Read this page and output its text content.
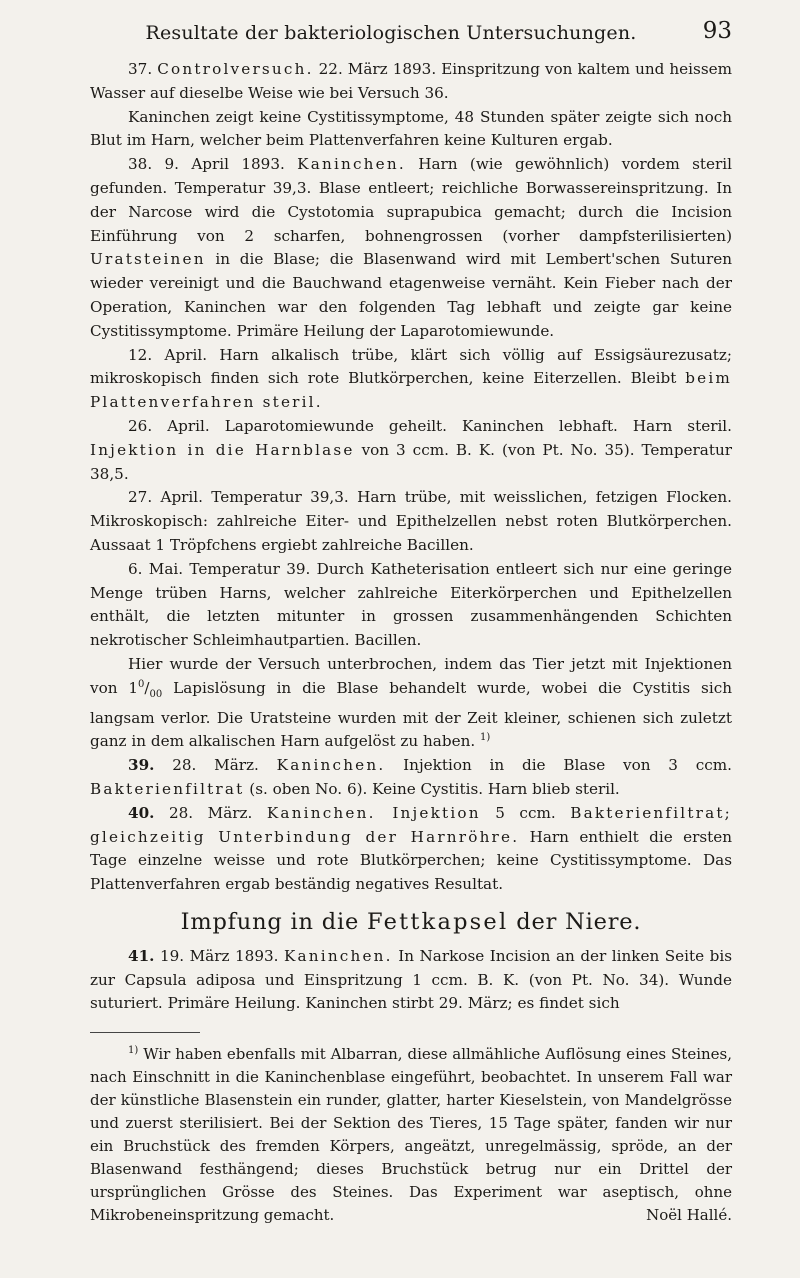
Resultate der bakteriologischen Untersuchungen.	93

37. Controlversuch. 22. März 1893. Einspritzung von kaltem und heissem Wasser auf dieselbe Weise wie bei Versuch 36.

Kaninchen zeigt keine Cystitissymptome, 48 Stunden später zeigte sich noch Blut im Harn, welcher beim Plattenverfahren keine Kulturen ergab.

38. 9. April 1893. Kaninchen. Harn (wie gewöhnlich) vordem steril gefunden. Temperatur 39,3. Blase entleert; reichliche Borwassereinspritzung. In der Narcose wird die Cystotomia suprapubica gemacht; durch die Incision Einführung von 2 scharfen, bohnengrossen (vorher dampfsterilisierten) Uratsteinen in die Blase; die Blasenwand wird mit Lembert'schen Suturen wieder vereinigt und die Bauchwand etagenweise vernäht. Kein Fieber nach der Operation, Kaninchen war den folgenden Tag lebhaft und zeigte gar keine Cystitissymptome. Primäre Heilung der Laparotomiewunde.

12. April. Harn alkalisch trübe, klärt sich völlig auf Essigsäurezusatz; mikroskopisch finden sich rote Blutkörperchen, keine Eiterzellen. Bleibt beim Plattenverfahren steril.

26. April. Laparotomiewunde geheilt. Kaninchen lebhaft. Harn steril. Injektion in die Harnblase von 3 ccm. B. K. (von Pt. No. 35). Temperatur 38,5.

27. April. Temperatur 39,3. Harn trübe, mit weisslichen, fetzigen Flocken. Mikroskopisch: zahlreiche Eiter- und Epithelzellen nebst roten Blutkörperchen. Aussaat 1 Tröpfchens ergiebt zahlreiche Bacillen.

6. Mai. Temperatur 39. Durch Katheterisation entleert sich nur eine geringe Menge trüben Harns, welcher zahlreiche Eiterkörperchen und Epithelzellen enthält, die letzten mitunter in grossen zusammenhängenden Schichten nekrotischer Schleimhautpartien. Bacillen.

Hier wurde der Versuch unterbrochen, indem das Tier jetzt mit Injektionen von $1^0/_{00}$ Lapislösung in die Blase behandelt wurde, wobei die Cystitis sich langsam verlor. Die Uratsteine wurden mit der Zeit kleiner, schienen sich zuletzt ganz in dem alkalischen Harn aufgelöst zu haben. $^{1)}$

39. 28. März. Kaninchen. Injektion in die Blase von 3 ccm. Bakterienfiltrat (s. oben No. 6). Keine Cystitis. Harn blieb steril.

40. 28. März. Kaninchen. Injektion 5 ccm. Bakterienfiltrat; gleichzeitig Unterbindung der Harnröhre. Harn enthielt die ersten Tage einzelne weisse und rote Blutkörperchen; keine Cystitissymptome. Das Plattenverfahren ergab beständig negatives Resultat.

Impfung in die Fettkapsel der Niere.

41. 19. März 1893. Kaninchen. In Narkose Incision an der linken Seite bis zur Capsula adiposa und Einspritzung 1 ccm. B. K. (von Pt. No. 34). Wunde suturiert. Primäre Heilung. Kaninchen stirbt 29. März; es findet sich

$^{1)}$ Wir haben ebenfalls mit Albarran, diese allmähliche Auflösung eines Steines, nach Einschnitt in die Kaninchenblase eingeführt, beobachtet. In unserem Fall war der künstliche Blasenstein ein runder, glatter, harter Kieselstein, von Mandelgrösse und zuerst sterilisiert. Bei der Sektion des Tieres, 15 Tage später, fanden wir nur ein Bruchstück des fremden Körpers, angeätzt, unregelmässig, spröde, an der Blasenwand festhängend; dieses Bruchstück betrug nur ein Drittel der ursprünglichen Grösse des Steines. Das Experiment war aseptisch, ohne Mikrobeneinspritzung gemacht.	Noël Hallé.
